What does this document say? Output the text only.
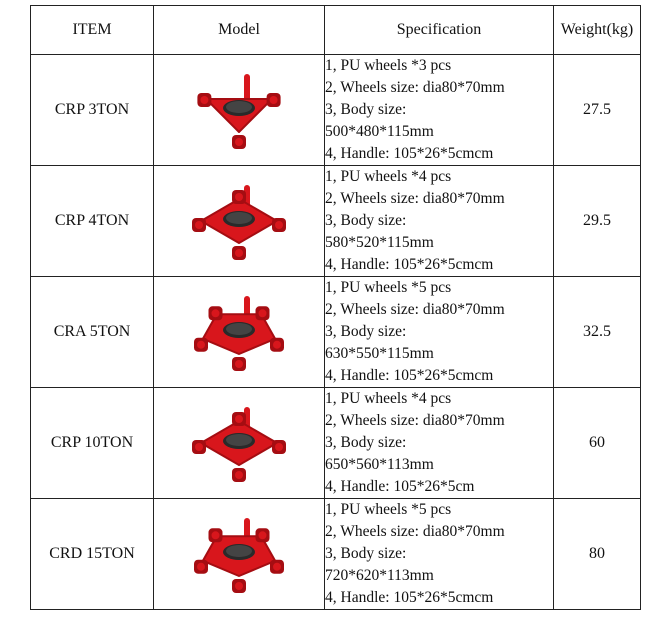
ITEM	Model	Specification	Weight(kg)
CRP 3TON		1, PU wheels *3 pcs
2, Wheels size: dia80*70mm
3, Body size:
500*480*115mm
4, Handle: 105*26*5cmcm	27.5
CRP 4TON		1, PU wheels *4 pcs
2, Wheels size: dia80*70mm
3, Body size:
580*520*115mm
4, Handle: 105*26*5cmcm	29.5
CRA 5TON		1, PU wheels *5 pcs
2, Wheels size: dia80*70mm
3, Body size:
630*550*115mm
4, Handle: 105*26*5cmcm	32.5
CRP 10TON		1, PU wheels *4 pcs
2, Wheels size: dia80*70mm
3, Body size:
650*560*113mm
4, Handle: 105*26*5cm	60
CRD 15TON		1, PU wheels *5 pcs
2, Wheels size: dia80*70mm
3, Body size:
720*620*113mm
4, Handle: 105*26*5cmcm	80
